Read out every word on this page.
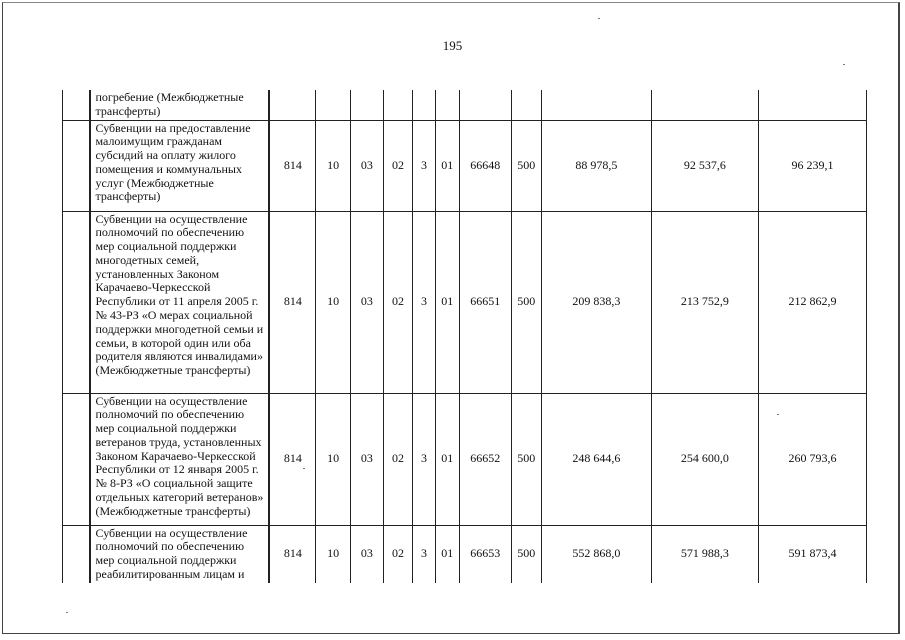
195
	погребение (Межбюджетные трансферты)											
	Субвенции на предоставление малоимущим гражданам субсидий на оплату жилого помещения и коммунальных услуг (Межбюджетные трансферты)	814	10	03	02	3	01	66648	500	88 978,5	92 537,6	96 239,1
	Субвенции на осуществление полномочий по обеспечению мер социальной поддержки многодетных семей, установленных Законом Карачаево-Черкесской Республики от 11 апреля 2005 г. № 43-РЗ «О мерах социальной поддержки многодетной семьи и семьи, в которой один или оба родителя являются инвалидами» (Межбюджетные трансферты)	814	10	03	02	3	01	66651	500	209 838,3	213 752,9	212 862,9
	Субвенции на осуществление полномочий по обеспечению мер социальной поддержки ветеранов труда, установленных Законом Карачаево-Черкесской Республики от 12 января 2005 г. № 8-РЗ «О социальной защите отдельных категорий ветеранов» (Межбюджетные трансферты)	814	10	03	02	3	01	66652	500	248 644,6	254 600,0	260 793,6
	Субвенции на осуществление полномочий по обеспечению мер социальной поддержки реабилитированным лицам и	814	10	03	02	3	01	66653	500	552 868,0	571 988,3	591 873,4
